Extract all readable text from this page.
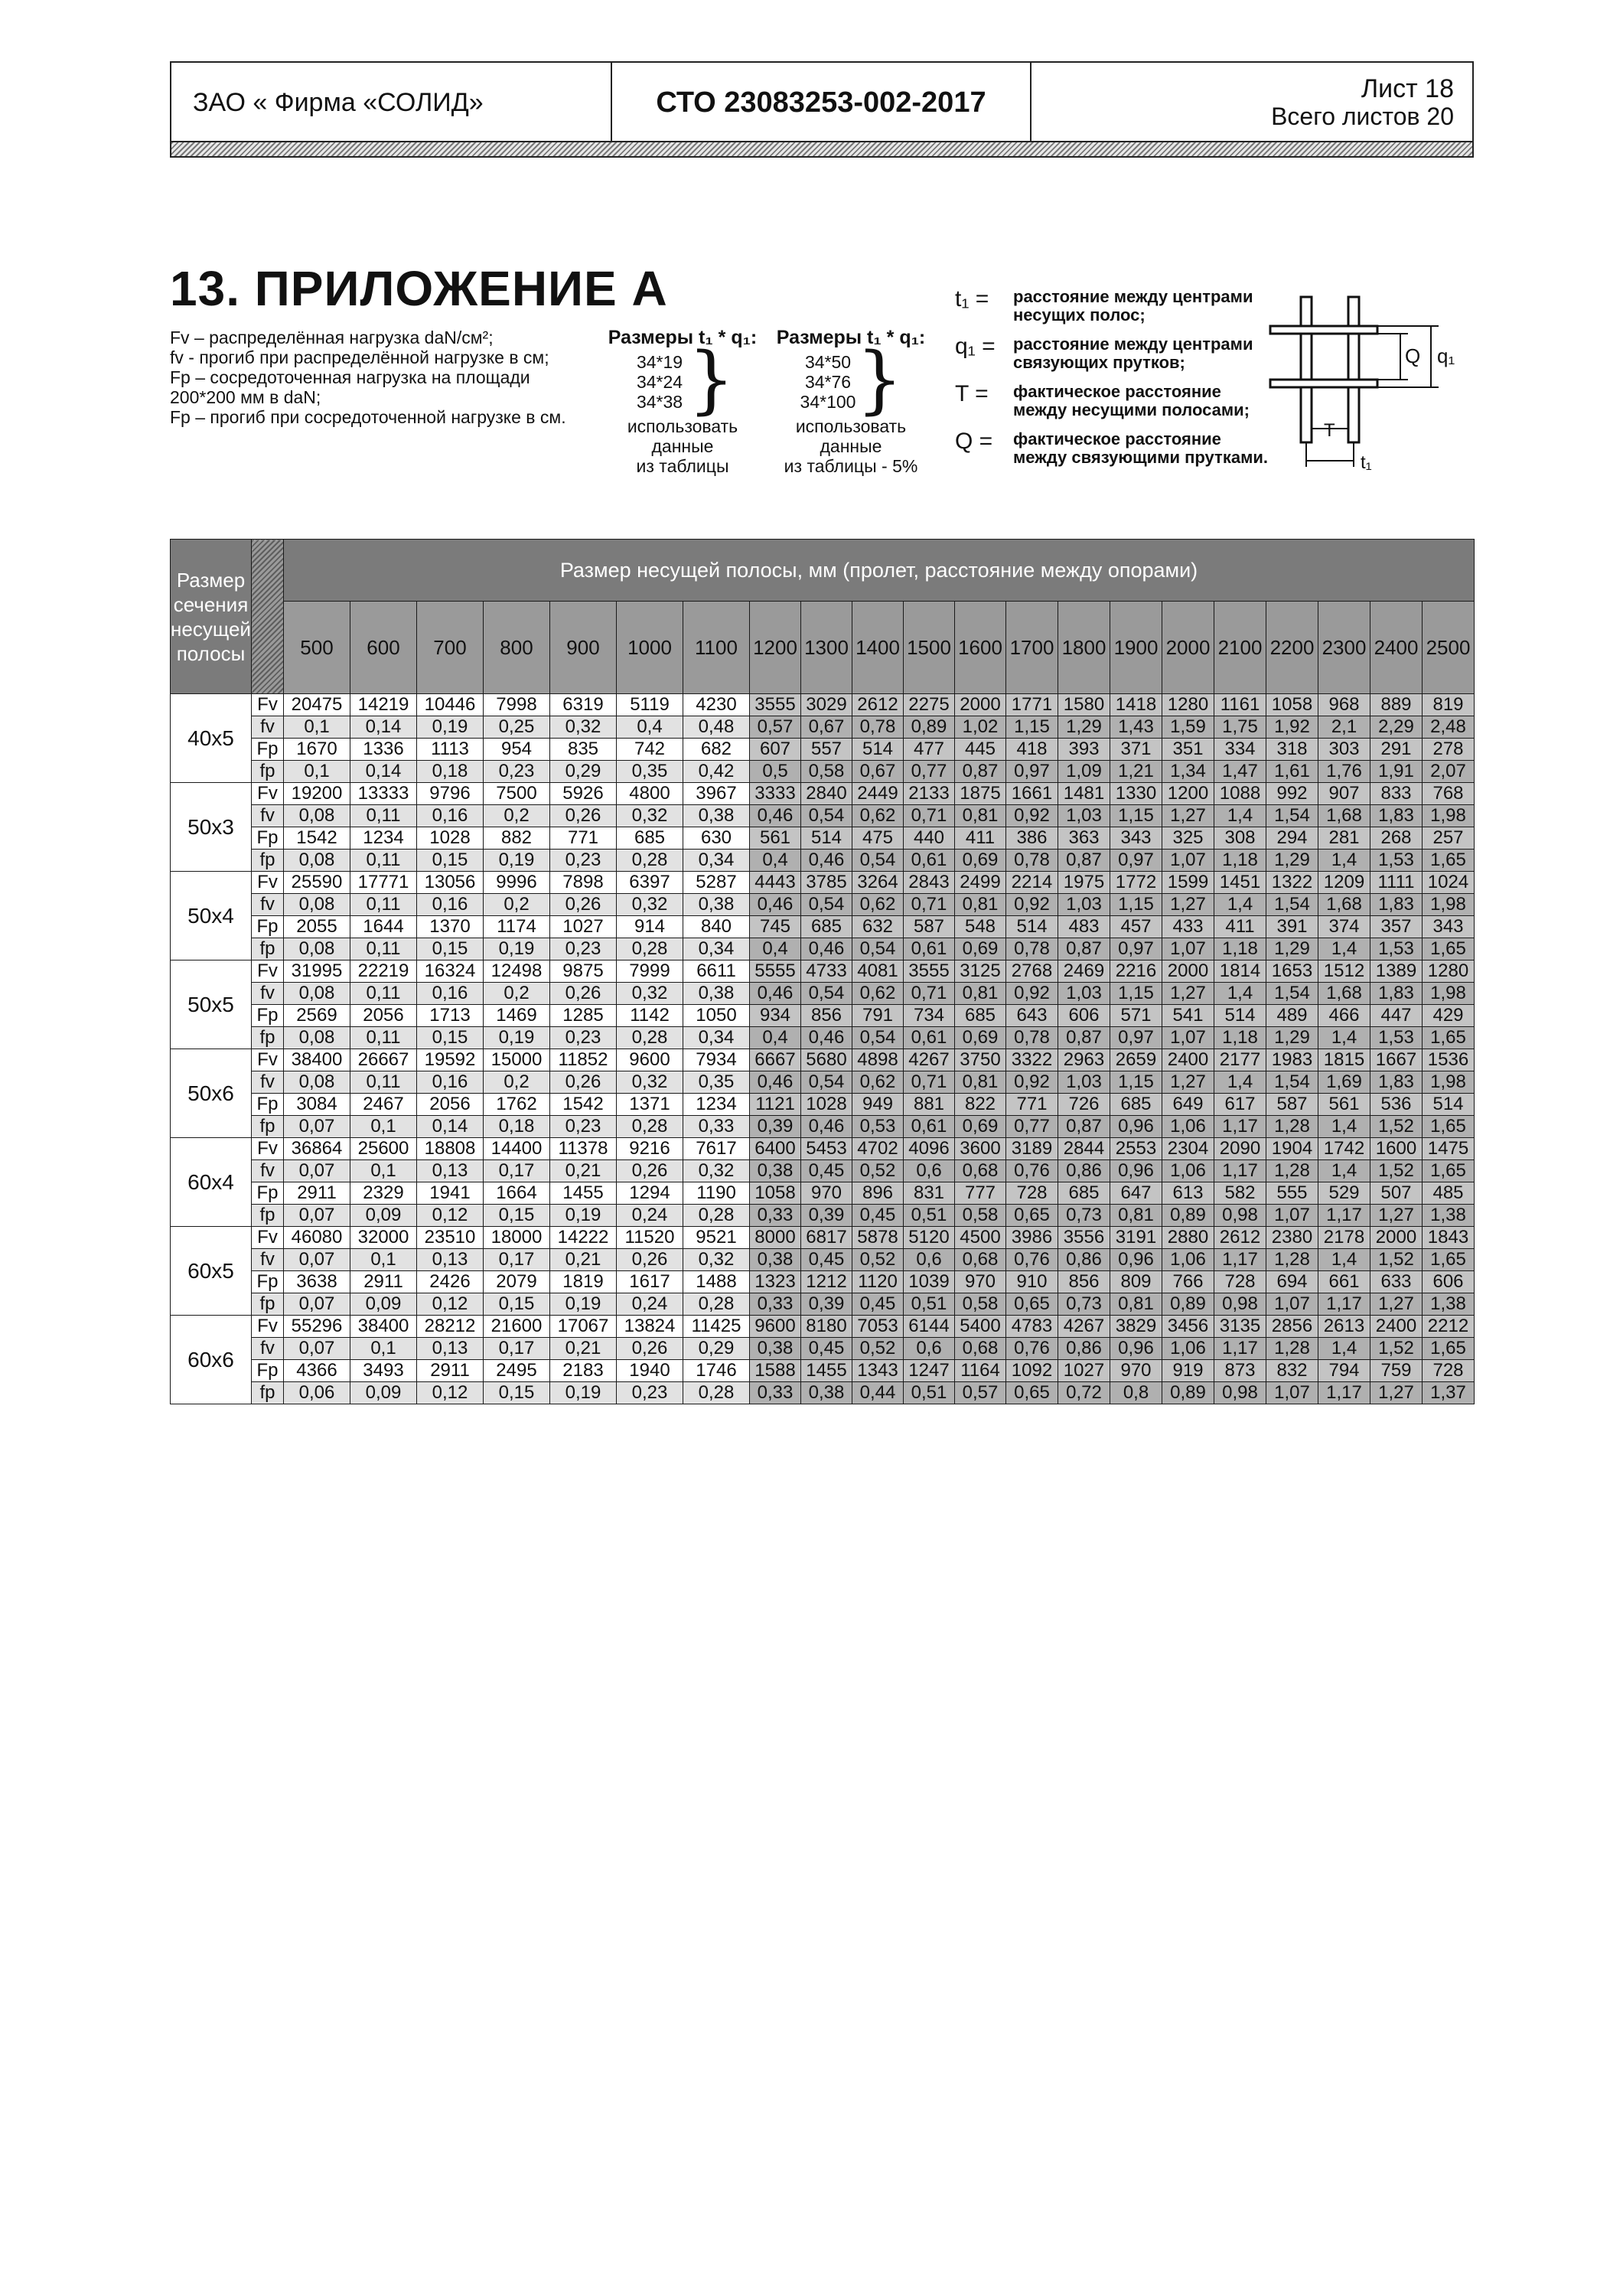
ЗАО « Фирма «СОЛИД»	СТО 23083253-002-2017	Лист 18
Всего листов 20
13. ПРИЛОЖЕНИЕ А
Fv – распределённая нагрузка daN/см²;
fv - прогиб при распределённой нагрузке в см;
Fp – сосредоточенная нагрузка на площади
200*200 мм в daN;
Fp – прогиб при сосредоточенной нагрузке в см.
Размеры t₁ * q₁:
34*19
34*24
34*38 }
использовать
данные
из таблицы
Размеры t₁ * q₁:
34*50
34*76
34*100 }
использовать
данные
из таблицы - 5%
t₁ = расстояние между центрами несущих полос;
q₁ = расстояние между центрами связующих прутков;
T = фактическое расстояние между несущими полосами;
Q = фактическое расстояние между связующими прутками.
Q q₁
T
t₁
Размер сечения несущей полосы		Размер несущей полосы, мм (пролет, расстояние между опорами)																				
		500	600	700	800	900	1000	1100	1200	1300	1400	1500	1600	1700	1800	1900	2000	2100	2200	2300	2400	2500
40x5	Fv	20475	14219	10446	7998	6319	5119	4230	3555	3029	2612	2275	2000	1771	1580	1418	1280	1161	1058	968	889	819
	fv	0,1	0,14	0,19	0,25	0,32	0,4	0,48	0,57	0,67	0,78	0,89	1,02	1,15	1,29	1,43	1,59	1,75	1,92	2,1	2,29	2,48
	Fp	1670	1336	1113	954	835	742	682	607	557	514	477	445	418	393	371	351	334	318	303	291	278
	fp	0,1	0,14	0,18	0,23	0,29	0,35	0,42	0,5	0,58	0,67	0,77	0,87	0,97	1,09	1,21	1,34	1,47	1,61	1,76	1,91	2,07
50x3	Fv	19200	13333	9796	7500	5926	4800	3967	3333	2840	2449	2133	1875	1661	1481	1330	1200	1088	992	907	833	768
	fv	0,08	0,11	0,16	0,2	0,26	0,32	0,38	0,46	0,54	0,62	0,71	0,81	0,92	1,03	1,15	1,27	1,4	1,54	1,68	1,83	1,98
	Fp	1542	1234	1028	882	771	685	630	561	514	475	440	411	386	363	343	325	308	294	281	268	257
	fp	0,08	0,11	0,15	0,19	0,23	0,28	0,34	0,4	0,46	0,54	0,61	0,69	0,78	0,87	0,97	1,07	1,18	1,29	1,4	1,53	1,65
50x4	Fv	25590	17771	13056	9996	7898	6397	5287	4443	3785	3264	2843	2499	2214	1975	1772	1599	1451	1322	1209	1111	1024
	fv	0,08	0,11	0,16	0,2	0,26	0,32	0,38	0,46	0,54	0,62	0,71	0,81	0,92	1,03	1,15	1,27	1,4	1,54	1,68	1,83	1,98
	Fp	2055	1644	1370	1174	1027	914	840	745	685	632	587	548	514	483	457	433	411	391	374	357	343
	fp	0,08	0,11	0,15	0,19	0,23	0,28	0,34	0,4	0,46	0,54	0,61	0,69	0,78	0,87	0,97	1,07	1,18	1,29	1,4	1,53	1,65
50x5	Fv	31995	22219	16324	12498	9875	7999	6611	5555	4733	4081	3555	3125	2768	2469	2216	2000	1814	1653	1512	1389	1280
	fv	0,08	0,11	0,16	0,2	0,26	0,32	0,38	0,46	0,54	0,62	0,71	0,81	0,92	1,03	1,15	1,27	1,4	1,54	1,68	1,83	1,98
	Fp	2569	2056	1713	1469	1285	1142	1050	934	856	791	734	685	643	606	571	541	514	489	466	447	429
	fp	0,08	0,11	0,15	0,19	0,23	0,28	0,34	0,4	0,46	0,54	0,61	0,69	0,78	0,87	0,97	1,07	1,18	1,29	1,4	1,53	1,65
50x6	Fv	38400	26667	19592	15000	11852	9600	7934	6667	5680	4898	4267	3750	3322	2963	2659	2400	2177	1983	1815	1667	1536
	fv	0,08	0,11	0,16	0,2	0,26	0,32	0,35	0,46	0,54	0,62	0,71	0,81	0,92	1,03	1,15	1,27	1,4	1,54	1,69	1,83	1,98
	Fp	3084	2467	2056	1762	1542	1371	1234	1121	1028	949	881	822	771	726	685	649	617	587	561	536	514
	fp	0,07	0,1	0,14	0,18	0,23	0,28	0,33	0,39	0,46	0,53	0,61	0,69	0,77	0,87	0,96	1,06	1,17	1,28	1,4	1,52	1,65
60x4	Fv	36864	25600	18808	14400	11378	9216	7617	6400	5453	4702	4096	3600	3189	2844	2553	2304	2090	1904	1742	1600	1475
	fv	0,07	0,1	0,13	0,17	0,21	0,26	0,32	0,38	0,45	0,52	0,6	0,68	0,76	0,86	0,96	1,06	1,17	1,28	1,4	1,52	1,65
	Fp	2911	2329	1941	1664	1455	1294	1190	1058	970	896	831	777	728	685	647	613	582	555	529	507	485
	fp	0,07	0,09	0,12	0,15	0,19	0,24	0,28	0,33	0,39	0,45	0,51	0,58	0,65	0,73	0,81	0,89	0,98	1,07	1,17	1,27	1,38
60x5	Fv	46080	32000	23510	18000	14222	11520	9521	8000	6817	5878	5120	4500	3986	3556	3191	2880	2612	2380	2178	2000	1843
	fv	0,07	0,1	0,13	0,17	0,21	0,26	0,32	0,38	0,45	0,52	0,6	0,68	0,76	0,86	0,96	1,06	1,17	1,28	1,4	1,52	1,65
	Fp	3638	2911	2426	2079	1819	1617	1488	1323	1212	1120	1039	970	910	856	809	766	728	694	661	633	606
	fp	0,07	0,09	0,12	0,15	0,19	0,24	0,28	0,33	0,39	0,45	0,51	0,58	0,65	0,73	0,81	0,89	0,98	1,07	1,17	1,27	1,38
60x6	Fv	55296	38400	28212	21600	17067	13824	11425	9600	8180	7053	6144	5400	4783	4267	3829	3456	3135	2856	2613	2400	2212
	fv	0,07	0,1	0,13	0,17	0,21	0,26	0,29	0,38	0,45	0,52	0,6	0,68	0,76	0,86	0,96	1,06	1,17	1,28	1,4	1,52	1,65
	Fp	4366	3493	2911	2495	2183	1940	1746	1588	1455	1343	1247	1164	1092	1027	970	919	873	832	794	759	728
	fp	0,06	0,09	0,12	0,15	0,19	0,23	0,28	0,33	0,38	0,44	0,51	0,57	0,65	0,72	0,8	0,89	0,98	1,07	1,17	1,27	1,37
